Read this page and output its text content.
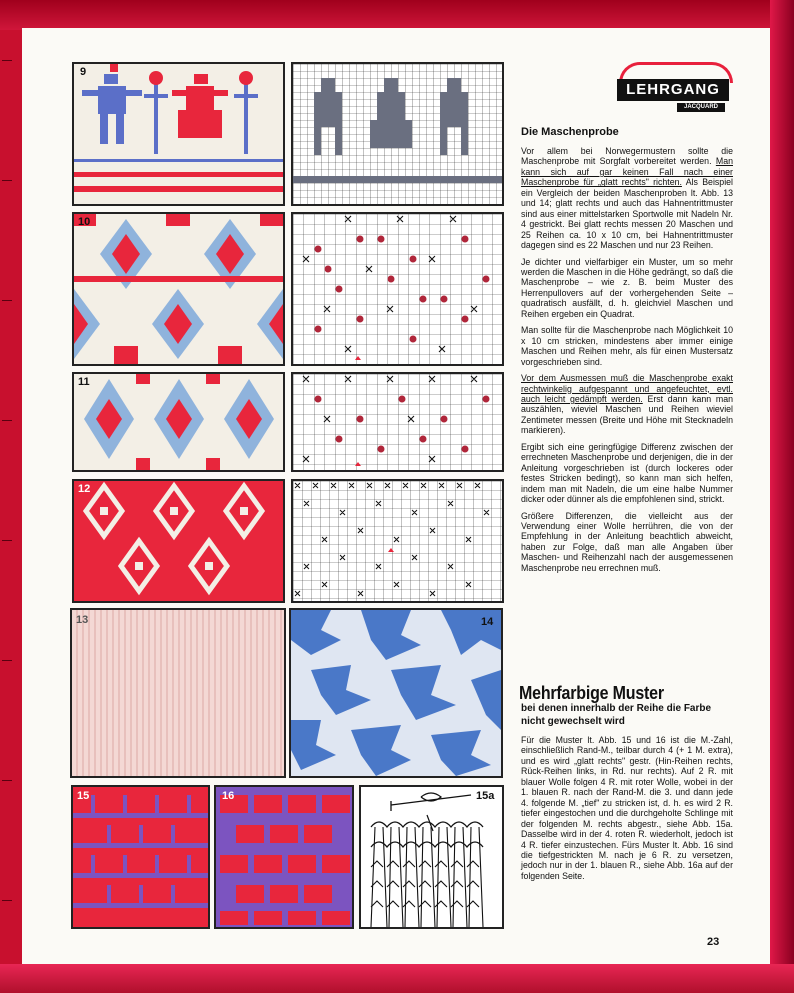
9
10
11
12
13	14
15	16	15a
LEHRGANG
JACQUARD
Die Maschenprobe

Vor allem bei Norwegermustern sollte die Maschenprobe mit Sorgfalt vorbereitet werden. Man kann sich auf gar keinen Fall nach einer Maschenprobe für „glatt rechts" richten. Als Beispiel ein Vergleich der beiden Maschenproben lt. Abb. 13 und 14; glatt rechts und auch das Hahnentrittmuster sind aus einer mittelstarken Sportwolle mit Nadeln Nr. 4 gestrickt. Bei glatt rechts messen 20 Maschen und 25 Reihen ca. 10 x 10 cm, bei Hahnentrittmuster dagegen sind es 22 Maschen und nur 23 Reihen.

Je dichter und vielfarbiger ein Muster, um so mehr werden die Maschen in die Höhe gedrängt, so daß die Maschenprobe – wie z. B. beim Muster des Herrenpullovers auf der vorhergehenden Seite – quadratisch ausfällt, d. h. gleichviel Maschen und Reihen ergeben ein Quadrat.

Man sollte für die Maschenprobe nach Möglichkeit 10 x 10 cm stricken, mindestens aber immer einige Maschen und Reihen mehr, als für einen Mustersatz vorgeschrieben sind.

Vor dem Ausmessen muß die Maschenprobe exakt rechtwinkelig aufgespannt und angefeuchtet, evtl. auch leicht gedämpft werden. Erst dann kann man auszählen, wieviel Maschen und Reihen wieviel Zentimeter messen (Breite und Höhe mit Stecknadeln markieren).

Ergibt sich eine geringfügige Differenz zwischen der errechneten Maschenprobe und derjenigen, die in der Anleitung vorgeschrieben ist (durch lockeres oder festes Stricken bedingt), so kann man sich helfen, indem man mit Nadeln, die um eine halbe Nummer dicker oder dünner als die empfohlenen sind, strickt.

Größere Differenzen, die vielleicht aus der Verwendung einer Wolle herrühren, die von der Empfehlung in der Anleitung beachtlich abweicht, haben zur Folge, daß man alle Angaben über Maschen- und Reihenzahl nach der ausgemessenen Maschenprobe neu errechnen muß.

Mehrfarbige Muster
bei denen innerhalb der Reihe die Farbe nicht gewechselt wird

Für die Muster lt. Abb. 15 und 16 ist die M.-Zahl, einschließlich Rand-M., teilbar durch 4 (+ 1 M. extra), und es wird „glatt rechts" gestr. (Hin-Reihen rechts, Rück-Reihen links, in Rd. nur rechts). Auf 2 R. mit blauer Wolle folgen 4 R. mit roter Wolle, wobei in der 1. blauen R. nach der Rand-M. die 3. und dann jede 4. folgende M. „tief" zu stricken ist, d. h. es wird 2 R. tiefer eingestochen und die durchgeholte Schlinge mit der folgenden M. rechts abgestr., siehe Abb. 15a. Dasselbe wird in der 4. roten R. wiederholt, jedoch ist 4 R. tiefer einzustechen. Fürs Muster lt. Abb. 16 sind die tiefgestrickten M. nach je 6 R. zu versetzen, jedoch nur in der 1. blauen R., siehe Abb. 16a auf der folgenden Seite.

23
